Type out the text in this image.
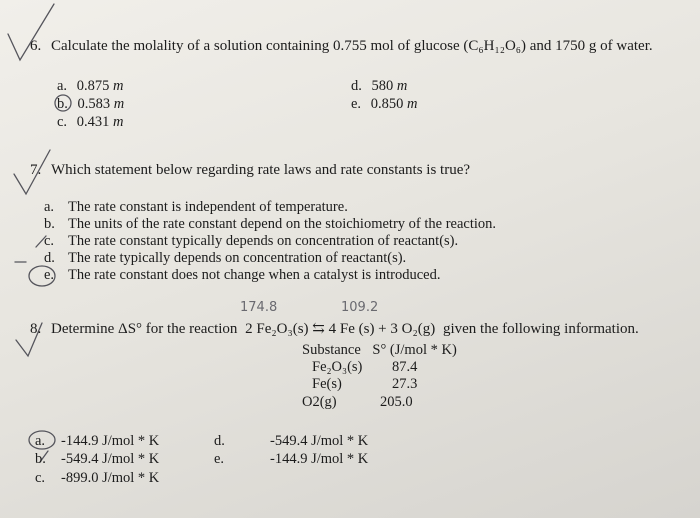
6. Calculate the molality of a solution containing 0.755 mol of glucose (C₆H₁₂O₆) and 1750 g of water.
a. 0.875 m
b. 0.583 m
c. 0.431 m
d. 580 m
e. 0.850 m
7. Which statement below regarding rate laws and rate constants is true?
a. The rate constant is independent of temperature.
b. The units of the rate constant depend on the stoichiometry of the reaction.
c. The rate constant typically depends on concentration of reactant(s).
d. The rate typically depends on concentration of reactant(s).
e. The rate constant does not change when a catalyst is introduced.
174.8	109.2
8. Determine ΔS° for the reaction 2 Fe₂O₃(s) ⇆ 4 Fe (s) + 3 O₂(g) given the following information.
Substance S° (J/mol * K)
Fe₂O₃(s) 87.4
Fe(s)	27.3
O2(g)	205.0
a. -144.9 J/mol * K
b. -549.4 J/mol * K
c. -899.0 J/mol * K
d.	-549.4 J/mol * K
e.	-144.9 J/mol * K
